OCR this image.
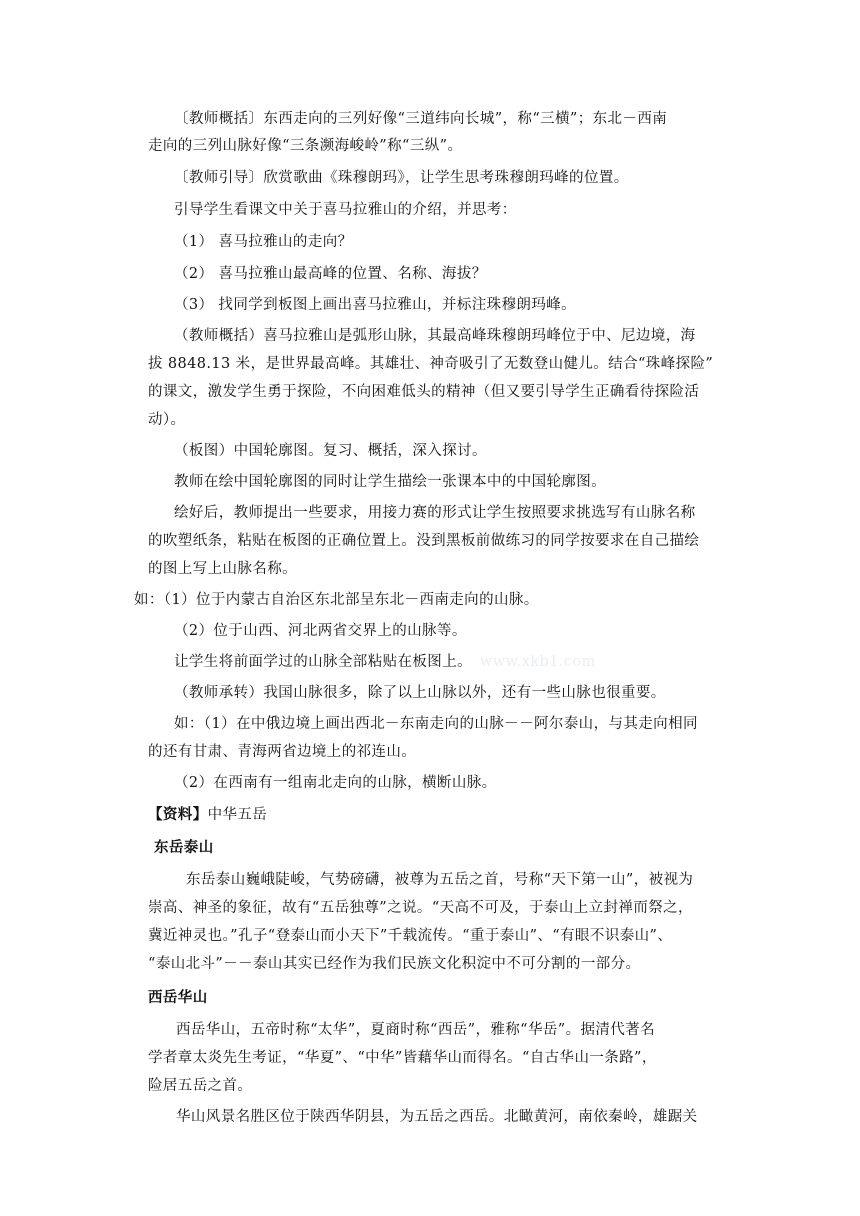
〔教师概括〕东西走向的三列好像“三道纬向长城”，称“三横”；东北－西南
走向的三列山脉好像“三条濒海峻岭”称“三纵”。
〔教师引导〕欣赏歌曲《珠穆朗玛》，让学生思考珠穆朗玛峰的位置。
引导学生看课文中关于喜马拉雅山的介绍，并思考：
（1） 喜马拉雅山的走向？
（2） 喜马拉雅山最高峰的位置、名称、海拔？
（3） 找同学到板图上画出喜马拉雅山，并标注珠穆朗玛峰。
（教师概括）喜马拉雅山是弧形山脉，其最高峰珠穆朗玛峰位于中、尼边境，海
拔 8848.13 米，是世界最高峰。其雄壮、神奇吸引了无数登山健儿。结合“珠峰探险”
的课文，激发学生勇于探险，不向困难低头的精神（但又要引导学生正确看待探险活
动）。
（板图）中国轮廓图。复习、概括，深入探讨。
教师在绘中国轮廓图的同时让学生描绘一张课本中的中国轮廓图。
绘好后，教师提出一些要求，用接力赛的形式让学生按照要求挑选写有山脉名称
的吹塑纸条，粘贴在板图的正确位置上。没到黑板前做练习的同学按要求在自己描绘
的图上写上山脉名称。
如：（1）位于内蒙古自治区东北部呈东北－西南走向的山脉。
（2）位于山西、河北两省交界上的山脉等。
让学生将前面学过的山脉全部粘贴在板图上。 www.xkb1.com
（教师承转）我国山脉很多，除了以上山脉以外，还有一些山脉也很重要。
如：（1）在中俄边境上画出西北－东南走向的山脉－－阿尔泰山，与其走向相同
的还有甘肃、青海两省边境上的祁连山。
（2）在西南有一组南北走向的山脉，横断山脉。
【资料】中华五岳
东岳泰山
东岳泰山巍峨陡峻，气势磅礴，被尊为五岳之首，号称“天下第一山”，被视为
崇高、神圣的象征，故有“五岳独尊”之说。“天高不可及，于泰山上立封禅而祭之，
冀近神灵也。”孔子“登泰山而小天下”千载流传。“重于泰山”、“有眼不识泰山”、
“泰山北斗”－－泰山其实已经作为我们民族文化积淀中不可分割的一部分。
西岳华山
西岳华山，五帝时称“太华”，夏商时称“西岳”，雅称“华岳”。据清代著名
学者章太炎先生考证，“华夏”、“中华”皆藉华山而得名。“自古华山一条路”，
险居五岳之首。
华山风景名胜区位于陕西华阴县，为五岳之西岳。北瞰黄河，南依秦岭，雄踞关
